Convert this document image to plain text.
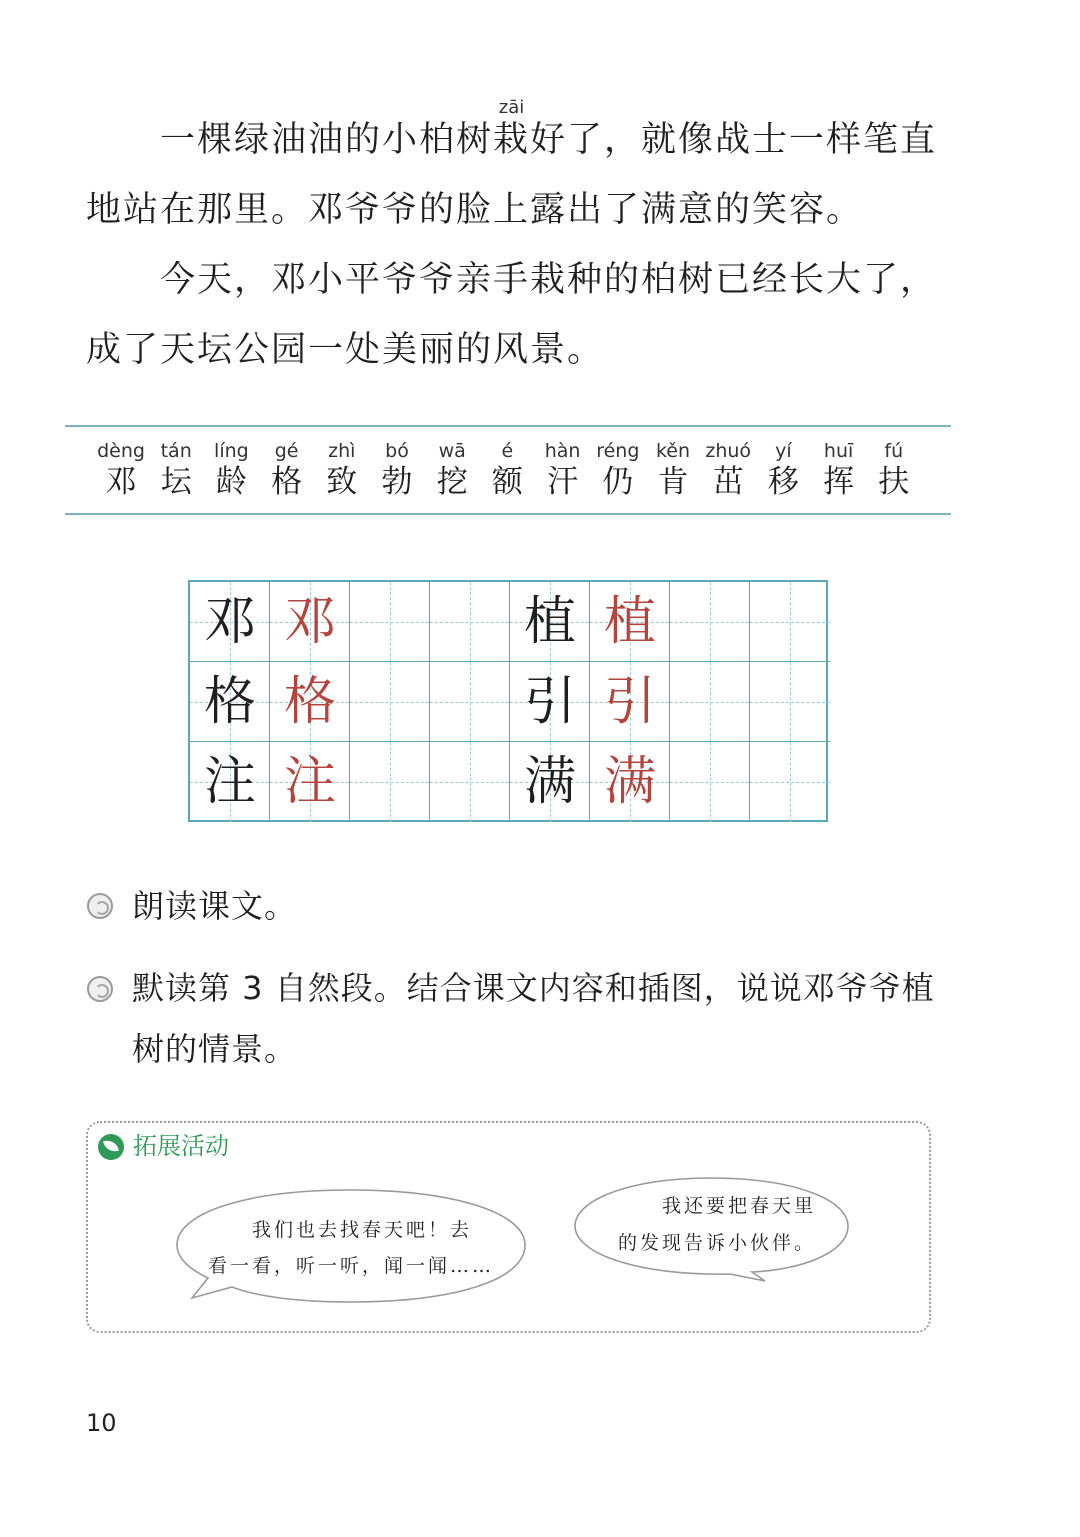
一棵绿油油的小柏树
zāi
栽好了，就像战士一样笔直
地站在那里。邓爷爷的脸上露出了满意的笑容。
今天，邓小平爷爷亲手栽种的柏树已经长大了，
成了天坛公园一处美丽的风景。
dèng
邓
tán
坛
líng
龄
gé
格
zhì
致
bó
勃
wā
挖
é
额
hàn
汗
réng
仍
kěn
肯
zhuó
茁
yí
移
huī
挥
fú
扶
邓 邓	植 植
格 格	引 引
注 注	满 满
朗读课文。
默读第 3 自然段。结合课文内容和插图，说说邓爷爷植
树的情景。
拓展活动
我们也去找春天吧！去
看一看，听一听，闻一闻……
我还要把春天里
的发现告诉小伙伴。
10
